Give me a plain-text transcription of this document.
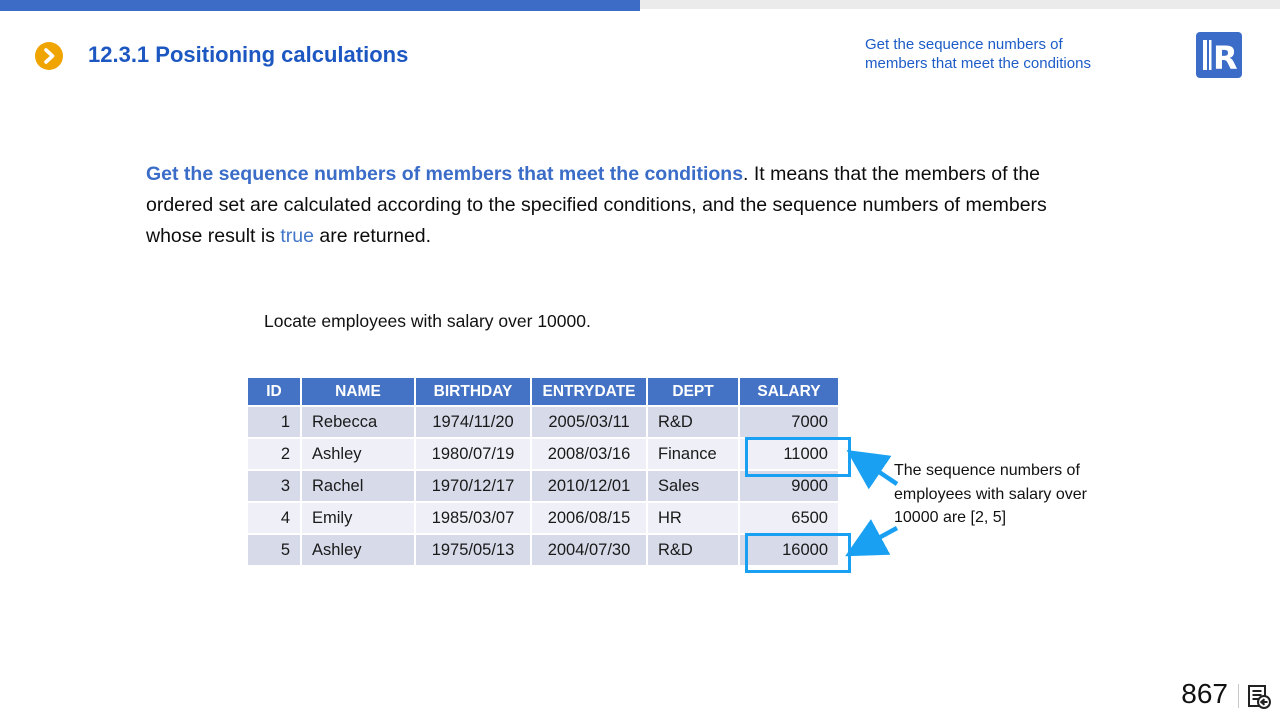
12.3.1 Positioning calculations	Get the sequence numbers of
members that meet the conditions	R

Get the sequence numbers of members that meet the conditions. It means that the members of the ordered set are calculated according to the specified conditions, and the sequence numbers of members whose result is true are returned.

Locate employees with salary over 10000.
ID	NAME	BIRTHDAY	ENTRYDATE	DEPT	SALARY
1	Rebecca	1974/11/20	2005/03/11	R&D	7000
2	Ashley	1980/07/19	2008/03/16	Finance	11000
3	Rachel	1970/12/17	2010/12/01	Sales	9000
4	Emily	1985/03/07	2006/08/15	HR	6500
5	Ashley	1975/05/13	2004/07/30	R&D	16000
The sequence numbers of employees with salary over 10000 are [2, 5]
867
